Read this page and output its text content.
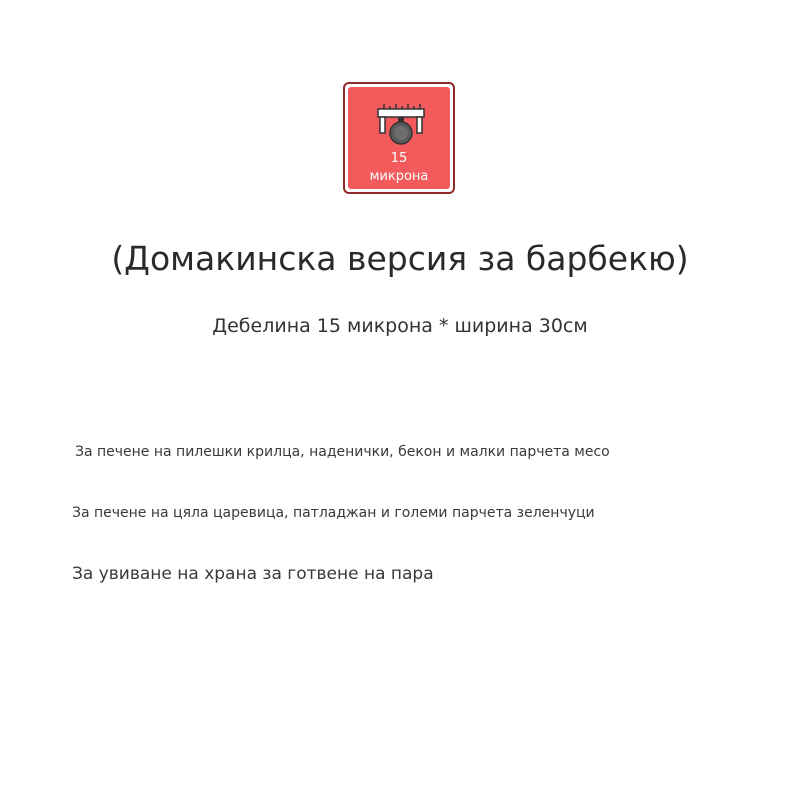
15
микрона
(Домакинска версия за барбекю)
Дебелина 15 микрона * ширина 30см
За печене на пилешки крилца, наденички, бекон и малки парчета месо
За печене на цяла царевица, патладжан и големи парчета зеленчуци
За увиване на храна за готвене на пара
